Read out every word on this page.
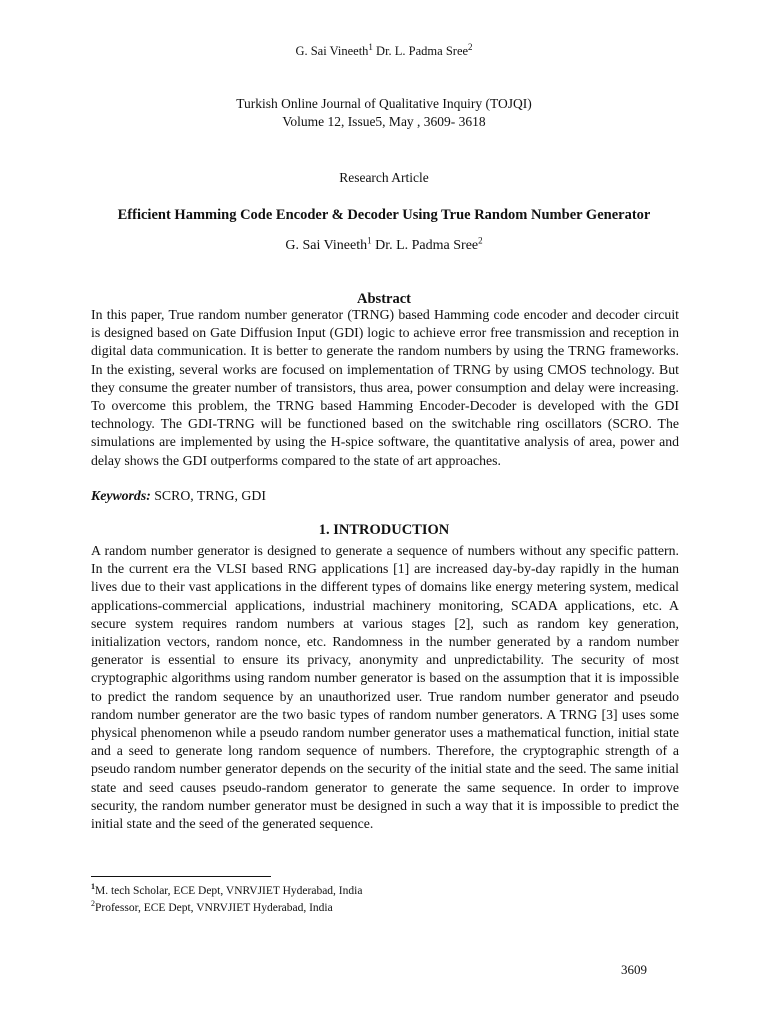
G. Sai Vineeth$^1$ Dr. L. Padma Sree$^2$
Turkish Online Journal of Qualitative Inquiry (TOJQI)
Volume 12, Issue5, May , 3609- 3618
Research Article
Efficient Hamming Code Encoder & Decoder Using True Random Number Generator
G. Sai Vineeth$^1$ Dr. L. Padma Sree$^2$
Abstract
In this paper, True random number generator (TRNG) based Hamming code encoder and decoder circuit is designed based on Gate Diffusion Input (GDI) logic to achieve error free transmission and reception in digital data communication. It is better to generate the random numbers by using the TRNG frameworks. In the existing, several works are focused on implementation of TRNG by using CMOS technology. But they consume the greater number of transistors, thus area, power consumption and delay were increasing. To overcome this problem, the TRNG based Hamming Encoder-Decoder is developed with the GDI technology. The GDI-TRNG will be functioned based on the switchable ring oscillators (SCRO. The simulations are implemented by using the H-spice software, the quantitative analysis of area, power and delay shows the GDI outperforms compared to the state of art approaches.
Keywords: SCRO, TRNG, GDI
1. INTRODUCTION
A random number generator is designed to generate a sequence of numbers without any specific pattern. In the current era the VLSI based RNG applications [1] are increased day-by-day rapidly in the human lives due to their vast applications in the different types of domains like energy metering system, medical applications-commercial applications, industrial machinery monitoring, SCADA applications, etc. A secure system requires random numbers at various stages [2], such as random key generation, initialization vectors, random nonce, etc. Randomness in the number generated by a random number generator is essential to ensure its privacy, anonymity and unpredictability. The security of most cryptographic algorithms using random number generator is based on the assumption that it is impossible to predict the random sequence by an unauthorized user. True random number generator and pseudo random number generator are the two basic types of random number generators. A TRNG [3] uses some physical phenomenon while a pseudo random number generator uses a mathematical function, initial state and a seed to generate long random sequence of numbers. Therefore, the cryptographic strength of a pseudo random number generator depends on the security of the initial state and the seed. The same initial state and seed causes pseudo-random generator to generate the same sequence. In order to improve security, the random number generator must be designed in such a way that it is impossible to predict the initial state and the seed of the generated sequence.
$^1$M. tech Scholar, ECE Dept, VNRVJIET Hyderabad, India
$^2$Professor, ECE Dept, VNRVJIET Hyderabad, India
3609
